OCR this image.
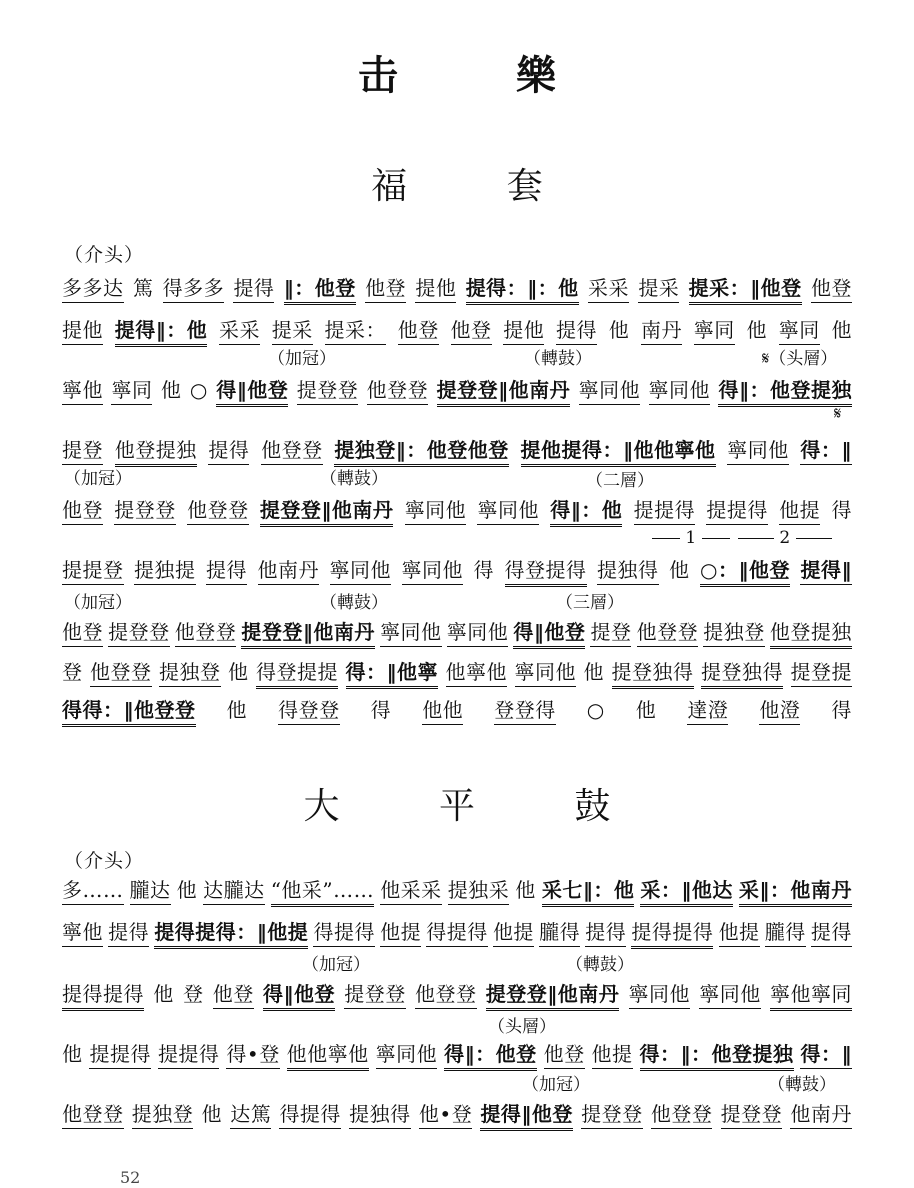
击 樂
福 套
（介头）
多多达 篤 得多多 提得 ‖：他登 他登 提他 提得：‖：他 采采 提采 提采：‖他登 他登
提他 提得‖：他 采采 提采 提采： 他登 他登 提他 提得 他 南丹 寧同 他 寧同 他
寧他 寧同 他 ○ 得‖他登 提登登 他登登 提登登‖他南丹 寧同他 寧同他 得‖：他登提独
提登 他登提独 提得 他登登 提独登‖：他登他登 提他提得：‖他他寧他 寧同他 得：‖
他登 提登登 他登登 提登登‖他南丹 寧同他 寧同他 得‖：他 提提得 提提得 他提 得
提提登 提独提 提得 他南丹 寧同他 寧同他 得 得登提得 提独得 他 ○：‖他登 提得‖
他登 提登登 他登登 提登登‖他南丹 寧同他 寧同他 得‖他登 提登 他登登 提独登 他登提独
登 他登登 提独登 他 得登提提 得：‖他寧 他寧他 寧同他 他 提登独得 提登独得 提登提
得得：‖他登登 他 得登登 得 他他 登登得 ○ 他 達澄 他澄 得
（加冠）	（轉鼓）	𝄋（头層）
（加冠）	（轉鼓）	（二層）
（加冠）	（轉鼓）	（三層）
𝄋
1	2
大 平 鼓
（介头）
多…… 朧达 他 达朧达 “他采”…… 他采采 提独采 他 采七‖：他 采：‖他达 采‖：他南丹
寧他 提得 提得提得：‖他提 得提得 他提 得提得 他提 朧得 提得 提得提得 他提 朧得 提得
提得提得 他 登 他登 得‖他登 提登登 他登登 提登登‖他南丹 寧同他 寧同他 寧他寧同
他 提提得 提提得 得•登 他他寧他 寧同他 得‖：他登 他登 他提 得：‖：他登提独 得：‖
他登登 提独登 他 达篤 得提得 提独得 他•登 提得‖他登 提登登 他登登 提登登 他南丹
（加冠）	（轉鼓）
（头層）
（加冠）	（轉鼓）
52
